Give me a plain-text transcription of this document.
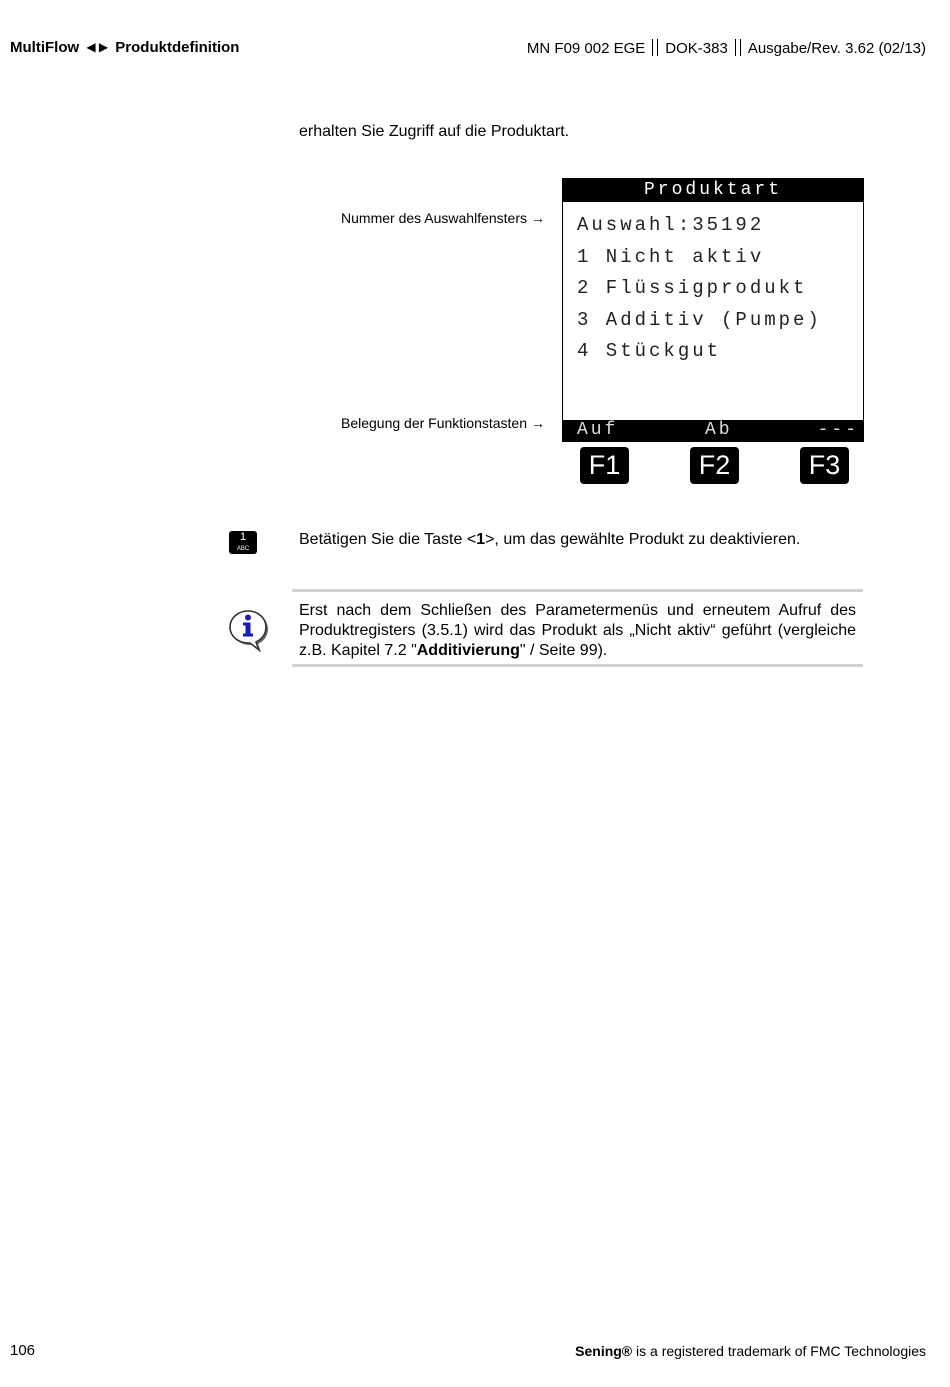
MultiFlow ◀ ▶ Produktdefinition	MN F09 002 EGE DOK-383 Ausgabe/Rev. 3.62 (02/13)
erhalten Sie Zugriff auf die Produktart.
Nummer des Auswahlfensters →
Belegung der Funktionstasten →
Produktart
Auswahl:35192
1 Nicht aktiv
2 Flüssigprodukt
3 Additiv (Pumpe)
4 Stückgut
Auf	Ab	---
F1	F2	F3
1
ABC
Betätigen Sie die Taste <1>, um das gewählte Produkt zu deaktivieren.
Erst nach dem Schließen des Parametermenüs und erneutem Aufruf des Produktregisters (3.5.1) wird das Produkt als „Nicht aktiv“ geführt (vergleiche z.B. Kapitel 7.2 "Additivierung" / Seite 99).
106	Sening® is a registered trademark of FMC Technologies
